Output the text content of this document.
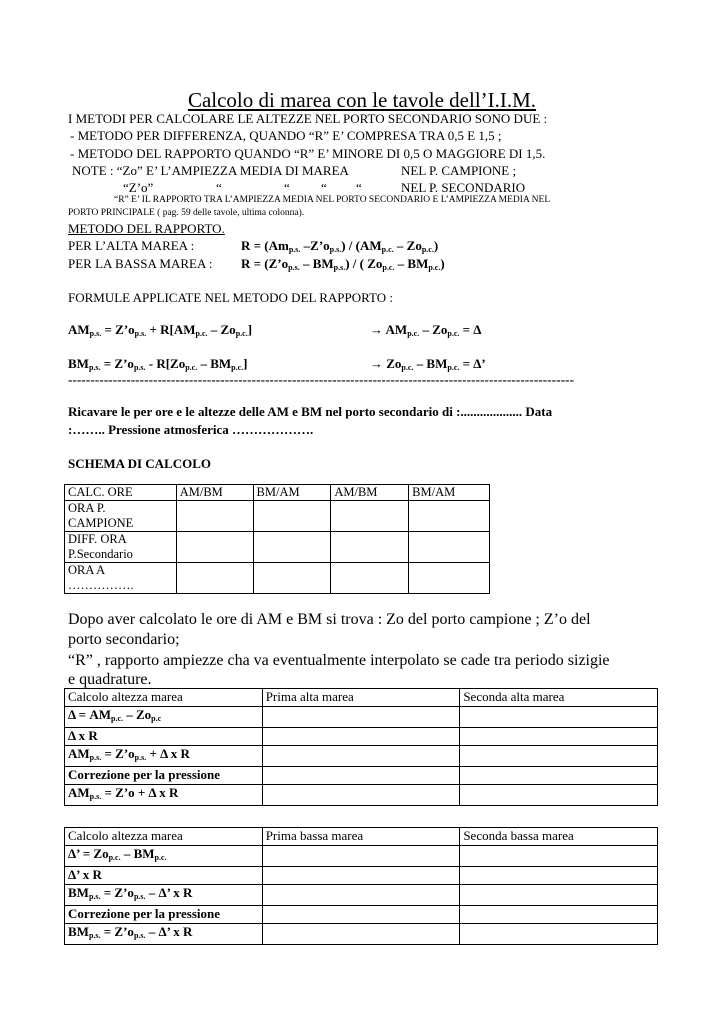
Calcolo di marea con le tavole dell’I.I.M.
I METODI PER CALCOLARE LE ALTEZZE NEL PORTO SECONDARIO SONO DUE :
- METODO PER DIFFERENZA, QUANDO “R” E’ COMPRESA TRA 0,5 E 1,5 ;
- METODO DEL RAPPORTO QUANDO “R” E’ MINORE DI 0,5 O MAGGIORE DI 1,5.
NOTE : “Zo” E’ L’AMPIEZZA MEDIA DI MAREA	NEL P. CAMPIONE ;
“Z’o”	“	“ “ “	NEL P. SECONDARIO
“R” E’ IL RAPPORTO TRA L’AMPIEZZA MEDIA NEL PORTO SECONDARIO E L’AMPIEZZA MEDIA NEL
PORTO PRINCIPALE ( pag. 59 delle tavole, ultima colonna).
METODO DEL RAPPORTO.
PER L’ALTA MAREA :	$R = (Am_{p.s.}$ $-Z’o_{p.s.}) / (AM_{p.c.} - Zo_{p.c.})$
PER LA BASSA MAREA : $R = (Z’o_{p.s.} - BM_{p.s.})$ / ( $Zo_{p.c.} - BM_{p.c.}$)
FORMULE APPLICATE NEL METODO DEL RAPPORTO :
$AM_{p.s.}$ = $Z’o_{p.s.} + R[AM_{p.c.} - Zo_{p.c.}]$	→ $AM_{p.c.} - Zo_{p.c.} = \Delta$
$BM_{p.s.}$ = $Z’o_{p.s.} - R[Zo_{p.c.} - BM_{p.c.}]$	→ $Zo_{p.c.} - BM_{p.c.} = \Delta$’
-----------------------------------------------------------------------------------------------------------------
Ricavare le per ore e le altezze delle AM e BM nel porto secondario di :................... Data
:…….. Pressione atmosferica ……………….
SCHEMA DI CALCOLO
CALC. ORE	AM/BM	BM/AM	AM/BM	BM/AM

ORA P.
CAMPIONE				

DIFF. ORA
P.Secondario				

ORA A
…………….				

Dopo aver calcolato le ore di AM e BM si trova : Zo del porto campione ; Z’o del
porto secondario;
“R” , rapporto ampiezze cha va eventualmente interpolato se cade tra periodo sizigie
e quadrature.
Calcolo altezza marea	Prima alta marea	Seconda alta marea
$\Delta = AM_{p.c.} - Zo_{p.c}$		
Δ x R		
$AM_{p.s.}$ = $Z’o_{p.s.} + \Delta$ x R		
Correzione per la pressione		
$AM_{p.s.}$ = Z’o + Δ x R		
Calcolo altezza marea	Prima bassa marea	Seconda bassa marea
Δ’ = $Zo_{p.c.} - BM_{p.c.}$		
Δ’ x R		
$BM_{p.s.}$ = $Z’o_{p.s.}$ – Δ’ x R		
Correzione per la pressione		
$BM_{p.s.}$ = $Z’o_{p.s.}$ – Δ’ x R		
